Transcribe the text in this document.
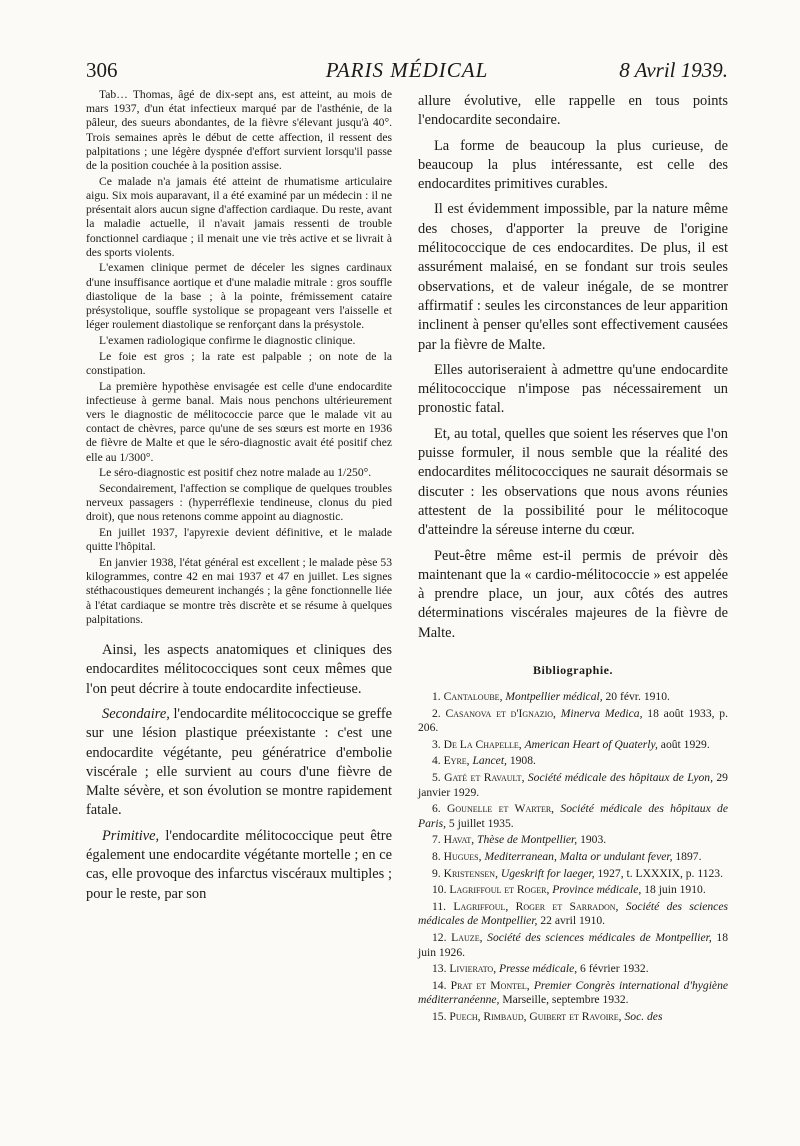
306	PARIS MÉDICAL	8 Avril 1939.

Tab… Thomas, âgé de dix-sept ans, est atteint, au mois de mars 1937, d'un état infectieux marqué par de l'asthénie, de la pâleur, des sueurs abondantes, de la fièvre s'élevant jusqu'à 40°. Trois semaines après le début de cette affection, il ressent des palpitations ; une légère dyspnée d'effort survient lorsqu'il passe de la position couchée à la position assise.

Ce malade n'a jamais été atteint de rhumatisme articulaire aigu. Six mois auparavant, il a été examiné par un médecin : il ne présentait alors aucun signe d'affection cardiaque. Du reste, avant la maladie actuelle, il n'avait jamais ressenti de trouble fonctionnel cardiaque ; il menait une vie très active et se livrait à des sports violents.

L'examen clinique permet de déceler les signes cardinaux d'une insuffisance aortique et d'une maladie mitrale : gros souffle diastolique de la base ; à la pointe, frémissement cataire présystolique, souffle systolique se propageant vers l'aisselle et léger roulement diastolique se renforçant dans la présystole.

L'examen radiologique confirme le diagnostic clinique.

Le foie est gros ; la rate est palpable ; on note de la constipation.

La première hypothèse envisagée est celle d'une endocardite infectieuse à germe banal. Mais nous penchons ultérieurement vers le diagnostic de mélitococcie parce que le malade vit au contact de chèvres, parce qu'une de ses sœurs est morte en 1936 de fièvre de Malte et que le séro-diagnostic avait été positif chez elle au 1/300°.

Le séro-diagnostic est positif chez notre malade au 1/250°.

Secondairement, l'affection se complique de quelques troubles nerveux passagers : (hyperréflexie tendineuse, clonus du pied droit), que nous retenons comme appoint au diagnostic.

En juillet 1937, l'apyrexie devient définitive, et le malade quitte l'hôpital.

En janvier 1938, l'état général est excellent ; le malade pèse 53 kilogrammes, contre 42 en mai 1937 et 47 en juillet. Les signes stéthacoustiques demeurent inchangés ; la gêne fonctionnelle liée à l'état cardiaque se montre très discrète et se résume à quelques palpitations.

Ainsi, les aspects anatomiques et cliniques des endocardites mélitococciques sont ceux mêmes que l'on peut décrire à toute endocardite infectieuse.

Secondaire, l'endocardite mélitococcique se greffe sur une lésion plastique préexistante : c'est une endocardite végétante, peu génératrice d'embolie viscérale ; elle survient au cours d'une fièvre de Malte sévère, et son évolution se montre rapidement fatale.

Primitive, l'endocardite mélitococcique peut être également une endocardite végétante mortelle ; en ce cas, elle provoque des infarctus viscéraux multiples ; pour le reste, par son

allure évolutive, elle rappelle en tous points l'endocardite secondaire.

La forme de beaucoup la plus curieuse, de beaucoup la plus intéressante, est celle des endocardites primitives curables.

Il est évidemment impossible, par la nature même des choses, d'apporter la preuve de l'origine mélitococcique de ces endocardites. De plus, il est assurément malaisé, en se fondant sur trois seules observations, et de valeur inégale, de se montrer affirmatif : seules les circonstances de leur apparition inclinent à penser qu'elles sont effectivement causées par la fièvre de Malte.

Elles autoriseraient à admettre qu'une endocardite mélitococcique n'impose pas nécessairement un pronostic fatal.

Et, au total, quelles que soient les réserves que l'on puisse formuler, il nous semble que la réalité des endocardites mélitococciques ne saurait désormais se discuter : les observations que nous avons réunies attestent de la possibilité pour le mélitocoque d'atteindre la séreuse interne du cœur.

Peut-être même est-il permis de prévoir dès maintenant que la « cardio-mélitococcie » est appelée à prendre place, un jour, aux côtés des autres déterminations viscérales majeures de la fièvre de Malte.

Bibliographie.

1. Cantaloube, Montpellier médical, 20 févr. 1910.

2. Casanova et d'Ignazio, Minerva Medica, 18 août 1933, p. 206.

3. De La Chapelle, American Heart of Quaterly, août 1929.

4. Eyre, Lancet, 1908.

5. Gaté et Ravault, Société médicale des hôpitaux de Lyon, 29 janvier 1929.

6. Gounelle et Warter, Société médicale des hôpitaux de Paris, 5 juillet 1935.

7. Havat, Thèse de Montpellier, 1903.

8. Hugues, Mediterranean, Malta or undulant fever, 1897.

9. Kristensen, Ugeskrift for laeger, 1927, t. LXXXIX, p. 1123.

10. Lagriffoul et Roger, Province médicale, 18 juin 1910.

11. Lagriffoul, Roger et Sarradon, Société des sciences médicales de Montpellier, 22 avril 1910.

12. Lauze, Société des sciences médicales de Montpellier, 18 juin 1926.

13. Livierato, Presse médicale, 6 février 1932.

14. Prat et Montel, Premier Congrès international d'hygiène méditerranéenne, Marseille, septembre 1932.

15. Puech, Rimbaud, Guibert et Ravoire, Soc. des
